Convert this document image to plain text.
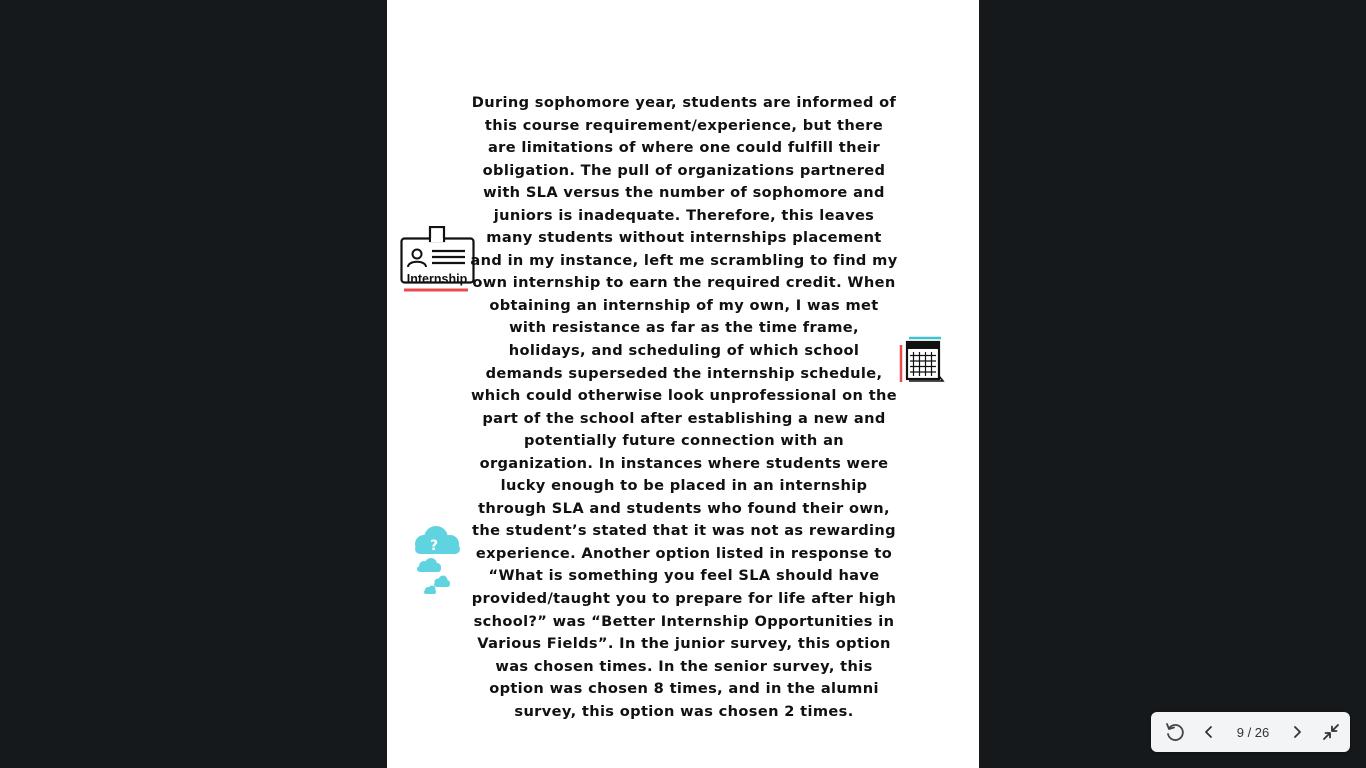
During sophomore year, students are informed of this course requirement/experience, but there are limitations of where one could fulfill their obligation. The pull of organizations partnered with SLA versus the number of sophomore and juniors is inadequate. Therefore, this leaves many students without internships placement and in my instance, left me scrambling to find my own internship to earn the required credit. When obtaining an internship of my own, I was met with resistance as far as the time frame, holidays, and scheduling of which school demands superseded the internship schedule, which could otherwise look unprofessional on the part of the school after establishing a new and potentially future connection with an organization. In instances where students were lucky enough to be placed in an internship through SLA and students who found their own, the student’s stated that it was not as rewarding experience. Another option listed in response to “What is something you feel SLA should have provided/taught you to prepare for life after high school?” was “Better Internship Opportunities in Various Fields”. In the junior survey, this option was chosen times. In the senior survey, this option was chosen 8 times, and in the alumni survey, this option was chosen 2 times.

Internship
?
9 / 26
